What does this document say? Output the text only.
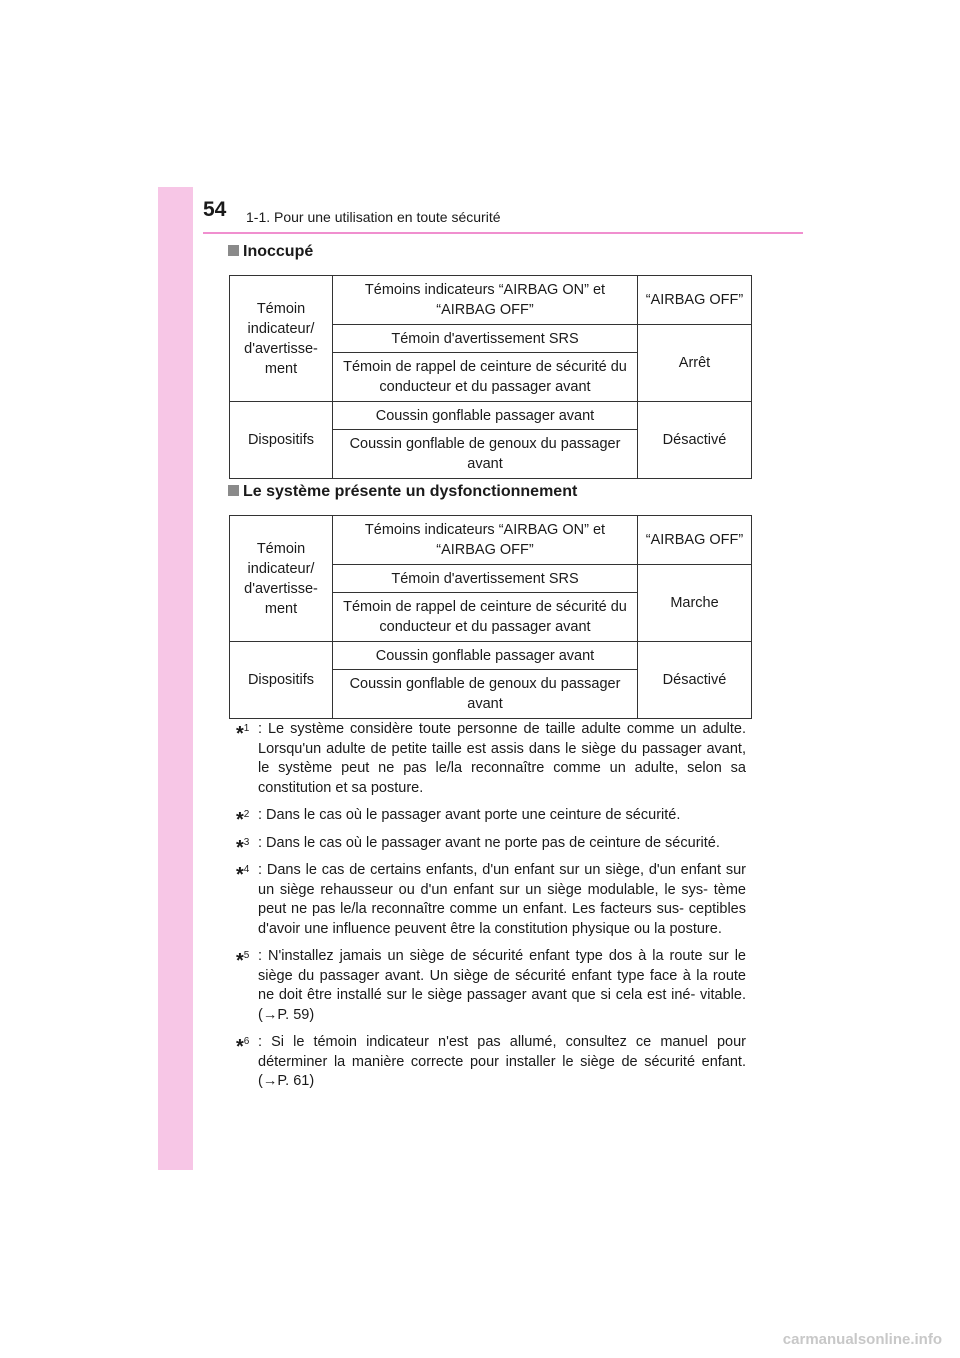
54 1-1. Pour une utilisation en toute sécurité
Inoccupé
Témoin indicateur/ d'avertisse- ment	Témoins indicateurs “AIRBAG ON” et “AIRBAG OFF”	“AIRBAG OFF”
	Témoin d'avertissement SRS	Arrêt
	Témoin de rappel de ceinture de sécurité du conducteur et du passager avant	
Dispositifs	Coussin gonflable passager avant	Désactivé
	Coussin gonflable de genoux du passager avant	
Le système présente un dysfonctionnement
Témoin indicateur/ d'avertisse- ment	Témoins indicateurs “AIRBAG ON” et “AIRBAG OFF”	“AIRBAG OFF”
	Témoin d'avertissement SRS	Marche
	Témoin de rappel de ceinture de sécurité du conducteur et du passager avant	
Dispositifs	Coussin gonflable passager avant	Désactivé
	Coussin gonflable de genoux du passager avant	
*$^1$ : Le système considère toute personne de taille adulte comme un adulte. Lorsqu'un adulte de petite taille est assis dans le siège du passager avant, le système peut ne pas le/la reconnaître comme un adulte, selon sa constitution et sa posture.
*$^2$ : Dans le cas où le passager avant porte une ceinture de sécurité.
*$^3$ : Dans le cas où le passager avant ne porte pas de ceinture de sécurité.
*$^4$ : Dans le cas de certains enfants, d'un enfant sur un siège, d'un enfant sur un siège rehausseur ou d'un enfant sur un siège modulable, le sys- tème peut ne pas le/la reconnaître comme un enfant. Les facteurs sus- ceptibles d'avoir une influence peuvent être la constitution physique ou la posture.
*$^5$ : N'installez jamais un siège de sécurité enfant type dos à la route sur le siège du passager avant. Un siège de sécurité enfant type face à la route ne doit être installé sur le siège passager avant que si cela est iné- vitable. (→P. 59)
*$^6$ : Si le témoin indicateur n'est pas allumé, consultez ce manuel pour déterminer la manière correcte pour installer le siège de sécurité enfant. (→P. 61)
carmanualsonline.info
